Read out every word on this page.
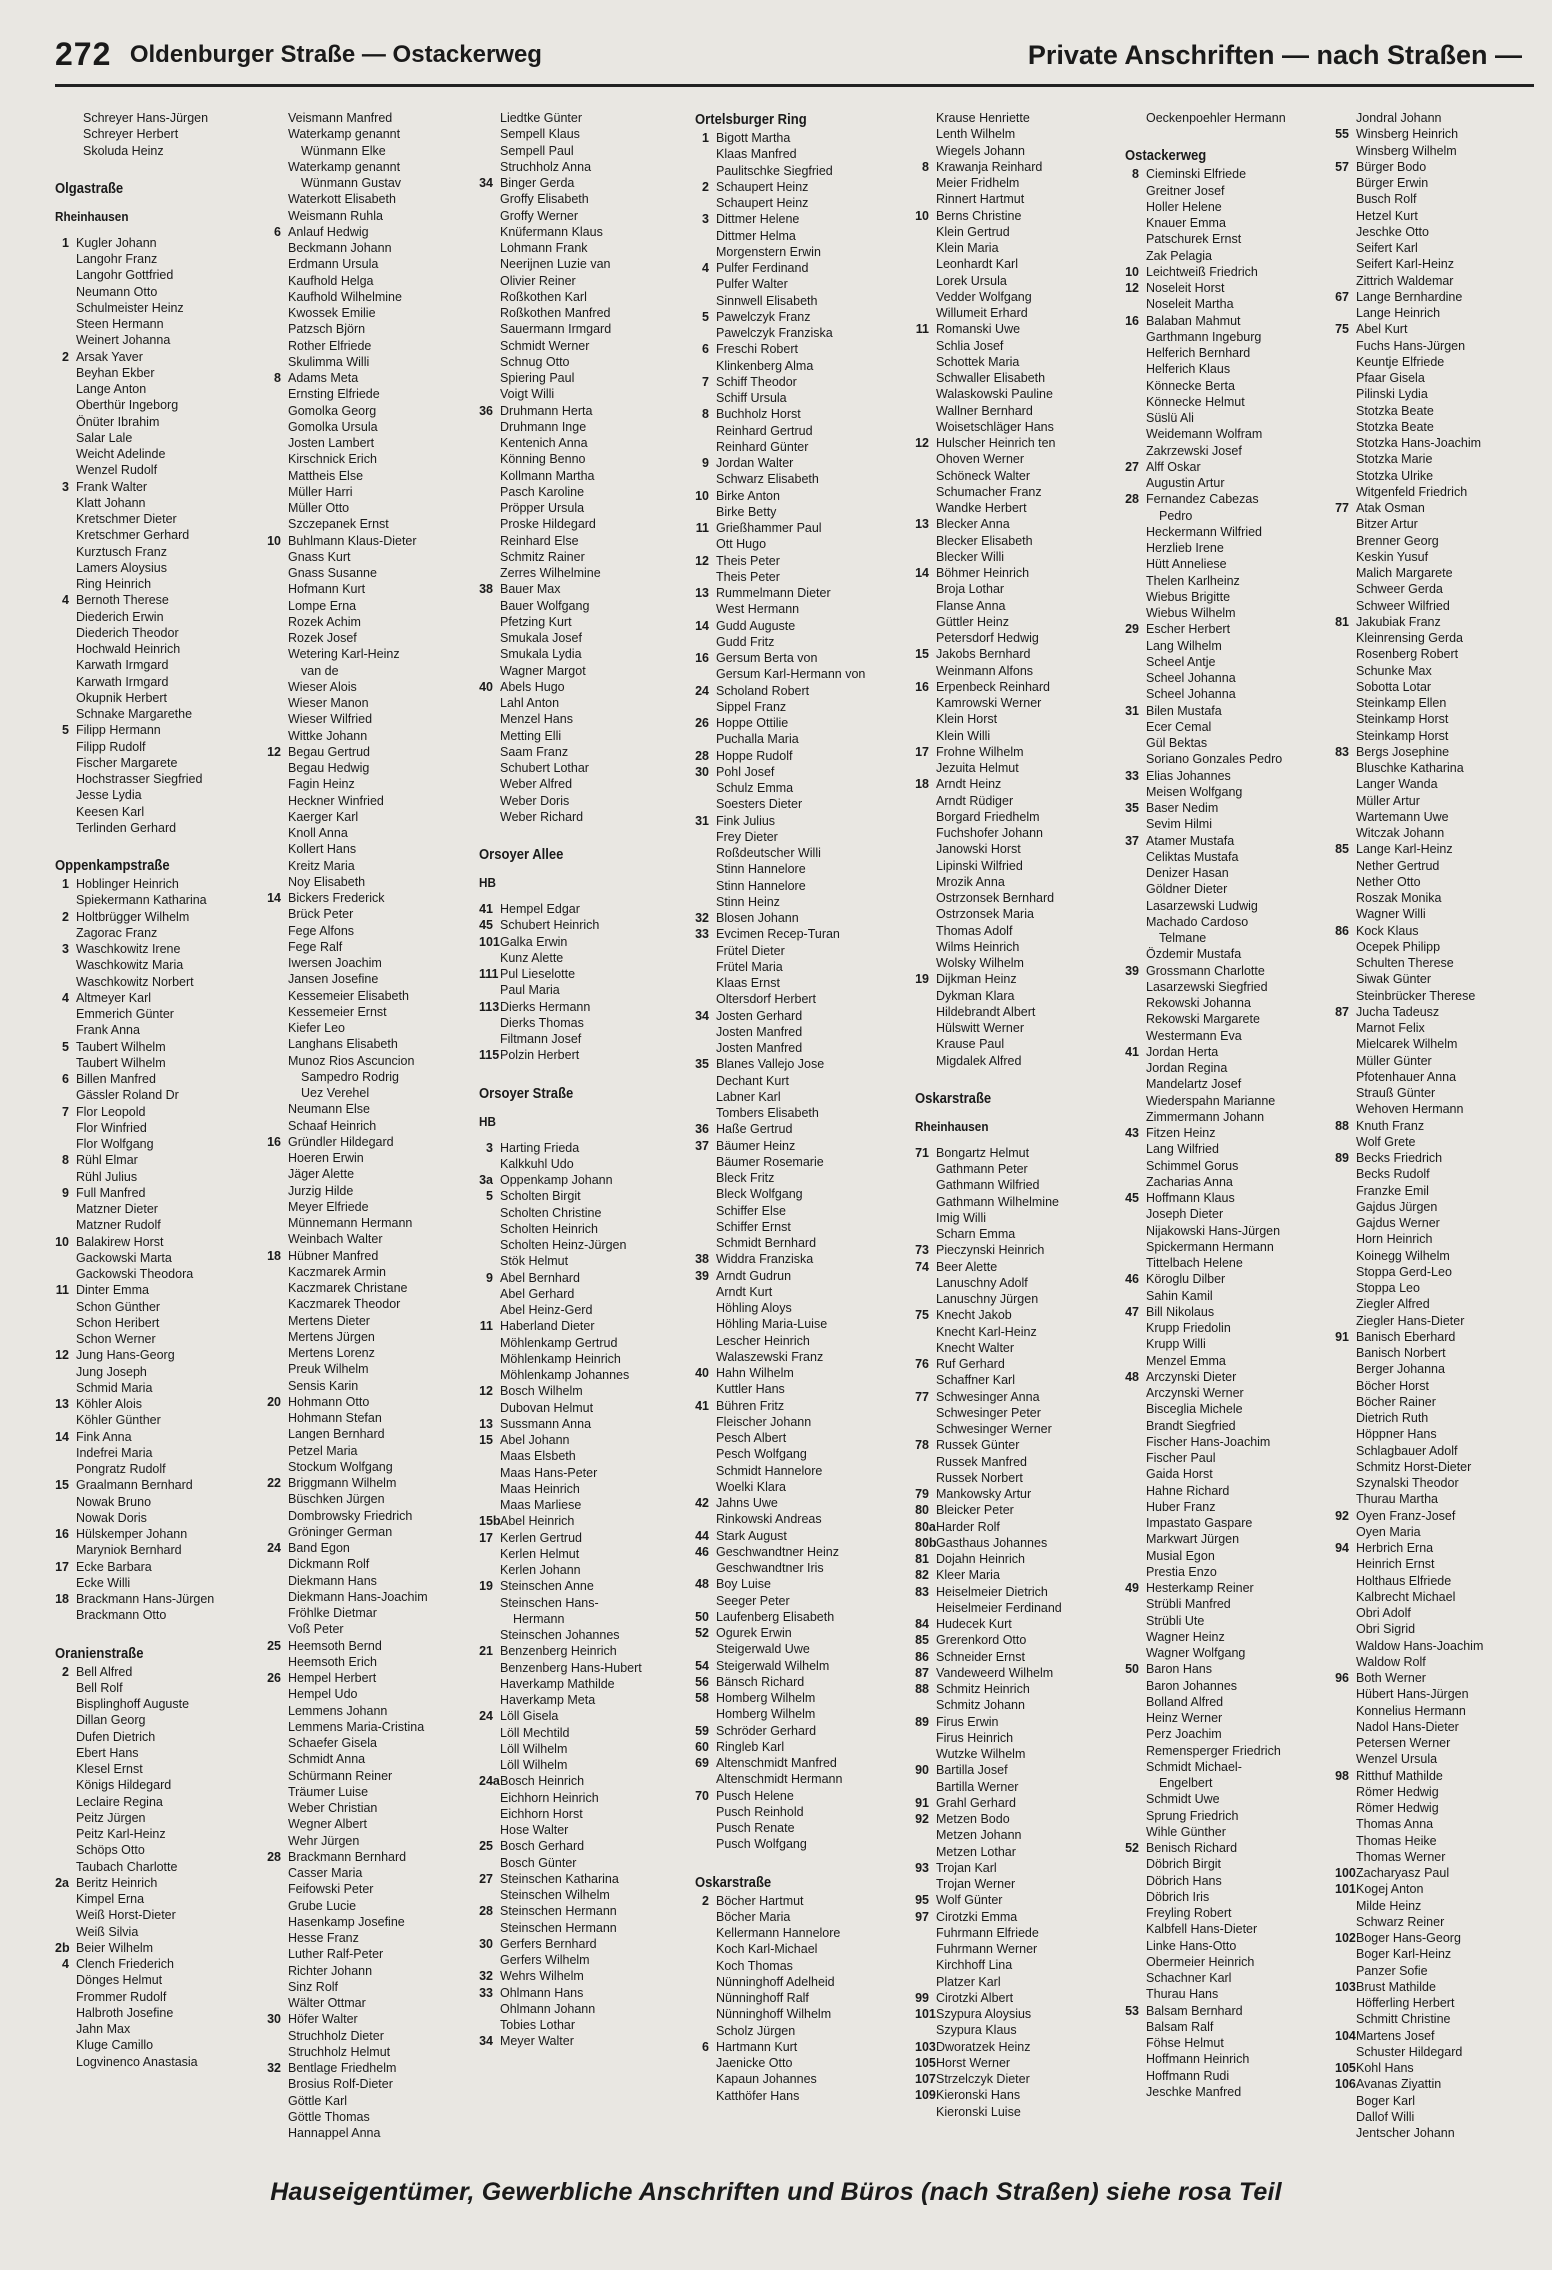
272 Oldenburger Straße — Ostackerweg	Private Anschriften — nach Straßen —
Schreyer Hans-Jürgen
Schreyer Herbert
Skoluda Heinz
Olgastraße
Rheinhausen
1 Kugler Johann
Langohr Franz
Langohr Gottfried
Neumann Otto
Schulmeister Heinz
Steen Hermann
Weinert Johanna
2 Arsak Yaver
Beyhan Ekber
Lange Anton
Oberthür Ingeborg
Önüter Ibrahim
Salar Lale
Weicht Adelinde
Wenzel Rudolf
3 Frank Walter
Klatt Johann
Kretschmer Dieter
Kretschmer Gerhard
Kurztusch Franz
Lamers Aloysius
Ring Heinrich
4 Bernoth Therese
Diederich Erwin
Diederich Theodor
Hochwald Heinrich
Karwath Irmgard
Karwath Irmgard
Okupnik Herbert
Schnake Margarethe
5 Filipp Hermann
Filipp Rudolf
Fischer Margarete
Hochstrasser Siegfried
Jesse Lydia
Keesen Karl
Terlinden Gerhard
Oppenkampstraße
1 Hoblinger Heinrich
Spiekermann Katharina
2 Holtbrügger Wilhelm
Zagorac Franz
3 Waschkowitz Irene
Waschkowitz Maria
Waschkowitz Norbert
4 Altmeyer Karl
Emmerich Günter
Frank Anna
5 Taubert Wilhelm
Taubert Wilhelm
6 Billen Manfred
Gässler Roland Dr
7 Flor Leopold
Flor Winfried
Flor Wolfgang
8 Rühl Elmar
Rühl Julius
9 Full Manfred
Matzner Dieter
Matzner Rudolf
10 Balakirew Horst
Gackowski Marta
Gackowski Theodora
11 Dinter Emma
Schon Günther
Schon Heribert
Schon Werner
12 Jung Hans-Georg
Jung Joseph
Schmid Maria
13 Köhler Alois
Köhler Günther
14 Fink Anna
Indefrei Maria
Pongratz Rudolf
15 Graalmann Bernhard
Nowak Bruno
Nowak Doris
16 Hülskemper Johann
Maryniok Bernhard
17 Ecke Barbara
Ecke Willi
18 Brackmann Hans-Jürgen
Brackmann Otto
Oranienstraße
2 Bell Alfred
Bell Rolf
Bisplinghoff Auguste
Dillan Georg
Dufen Dietrich
Ebert Hans
Klesel Ernst
Königs Hildegard
Leclaire Regina
Peitz Jürgen
Peitz Karl-Heinz
Schöps Otto
Taubach Charlotte
2a Beritz Heinrich
Kimpel Erna
Weiß Horst-Dieter
Weiß Silvia
2b Beier Wilhelm
4 Clench Friederich
Dönges Helmut
Frommer Rudolf
Halbroth Josefine
Jahn Max
Kluge Camillo
Logvinenco Anastasia
Veismann Manfred
Waterkamp genannt
Wünmann Elke
Waterkamp genannt
Wünmann Gustav
Waterkott Elisabeth
Weismann Ruhla
6 Anlauf Hedwig
Beckmann Johann
Erdmann Ursula
Kaufhold Helga
Kaufhold Wilhelmine
Kwossek Emilie
Patzsch Björn
Rother Elfriede
Skulimma Willi
8 Adams Meta
Ernsting Elfriede
Gomolka Georg
Gomolka Ursula
Josten Lambert
Kirschnick Erich
Mattheis Else
Müller Harri
Müller Otto
Szczepanek Ernst
10 Buhlmann Klaus-Dieter
Gnass Kurt
Gnass Susanne
Hofmann Kurt
Lompe Erna
Rozek Achim
Rozek Josef
Wetering Karl-Heinz
van de
Wieser Alois
Wieser Manon
Wieser Wilfried
Wittke Johann
12 Begau Gertrud
Begau Hedwig
Fagin Heinz
Heckner Winfried
Kaerger Karl
Knoll Anna
Kollert Hans
Kreitz Maria
Noy Elisabeth
14 Bickers Frederick
Brück Peter
Fege Alfons
Fege Ralf
Iwersen Joachim
Jansen Josefine
Kessemeier Elisabeth
Kessemeier Ernst
Kiefer Leo
Langhans Elisabeth
Munoz Rios Ascuncion
Sampedro Rodrig
Uez Verehel
Neumann Else
Schaaf Heinrich
16 Gründler Hildegard
Hoeren Erwin
Jäger Alette
Jurzig Hilde
Meyer Elfriede
Münnemann Hermann
Weinbach Walter
18 Hübner Manfred
Kaczmarek Armin
Kaczmarek Christane
Kaczmarek Theodor
Mertens Dieter
Mertens Jürgen
Mertens Lorenz
Preuk Wilhelm
Sensis Karin
20 Hohmann Otto
Hohmann Stefan
Langen Bernhard
Petzel Maria
Stockum Wolfgang
22 Briggmann Wilhelm
Büschken Jürgen
Dombrowsky Friedrich
Gröninger German
24 Band Egon
Dickmann Rolf
Diekmann Hans
Diekmann Hans-Joachim
Fröhlke Dietmar
Voß Peter
25 Heemsoth Bernd
Heemsoth Erich
26 Hempel Herbert
Hempel Udo
Lemmens Johann
Lemmens Maria-Cristina
Schaefer Gisela
Schmidt Anna
Schürmann Reiner
Träumer Luise
Weber Christian
Wegner Albert
Wehr Jürgen
28 Brackmann Bernhard
Casser Maria
Feifowski Peter
Grube Lucie
Hasenkamp Josefine
Hesse Franz
Luther Ralf-Peter
Richter Johann
Sinz Rolf
Wälter Ottmar
30 Höfer Walter
Struchholz Dieter
Struchholz Helmut
32 Bentlage Friedhelm
Brosius Rolf-Dieter
Göttle Karl
Göttle Thomas
Hannappel Anna
Liedtke Günter
Sempell Klaus
Sempell Paul
Struchholz Anna
34 Binger Gerda
Groffy Elisabeth
Groffy Werner
Knüfermann Klaus
Lohmann Frank
Neerijnen Luzie van
Olivier Reiner
Roßkothen Karl
Roßkothen Manfred
Sauermann Irmgard
Schmidt Werner
Schnug Otto
Spiering Paul
Voigt Willi
36 Druhmann Herta
Druhmann Inge
Kentenich Anna
Könning Benno
Kollmann Martha
Pasch Karoline
Pröpper Ursula
Proske Hildegard
Reinhard Else
Schmitz Rainer
Zerres Wilhelmine
38 Bauer Max
Bauer Wolfgang
Pfetzing Kurt
Smukala Josef
Smukala Lydia
Wagner Margot
40 Abels Hugo
Lahl Anton
Menzel Hans
Metting Elli
Saam Franz
Schubert Lothar
Weber Alfred
Weber Doris
Weber Richard
Orsoyer Allee
HB
41 Hempel Edgar
45 Schubert Heinrich
101 Galka Erwin
Kunz Alette
111 Pul Lieselotte
Paul Maria
113 Dierks Hermann
Dierks Thomas
Filtmann Josef
115 Polzin Herbert
Orsoyer Straße
HB
3 Harting Frieda
Kalkkuhl Udo
3a Oppenkamp Johann
5 Scholten Birgit
Scholten Christine
Scholten Heinrich
Scholten Heinz-Jürgen
Stök Helmut
9 Abel Bernhard
Abel Gerhard
Abel Heinz-Gerd
11 Haberland Dieter
Möhlenkamp Gertrud
Möhlenkamp Heinrich
Möhlenkamp Johannes
12 Bosch Wilhelm
Dubovan Helmut
13 Sussmann Anna
15 Abel Johann
Maas Elsbeth
Maas Hans-Peter
Maas Heinrich
Maas Marliese
15b Abel Heinrich
17 Kerlen Gertrud
Kerlen Helmut
Kerlen Johann
19 Steinschen Anne
Steinschen Hans-
Hermann
Steinschen Johannes
21 Benzenberg Heinrich
Benzenberg Hans-Hubert
Haverkamp Mathilde
Haverkamp Meta
24 Löll Gisela
Löll Mechtild
Löll Wilhelm
Löll Wilhelm
24a Bosch Heinrich
Eichhorn Heinrich
Eichhorn Horst
Hose Walter
25 Bosch Gerhard
Bosch Günter
27 Steinschen Katharina
Steinschen Wilhelm
28 Steinschen Hermann
Steinschen Hermann
30 Gerfers Bernhard
Gerfers Wilhelm
32 Wehrs Wilhelm
33 Ohlmann Hans
Ohlmann Johann
Tobies Lothar
34 Meyer Walter
Ortelsburger Ring
1 Bigott Martha
Klaas Manfred
Paulitschke Siegfried
2 Schaupert Heinz
Schaupert Heinz
3 Dittmer Helene
Dittmer Helma
Morgenstern Erwin
4 Pulfer Ferdinand
Pulfer Walter
Sinnwell Elisabeth
5 Pawelczyk Franz
Pawelczyk Franziska
6 Freschi Robert
Klinkenberg Alma
7 Schiff Theodor
Schiff Ursula
8 Buchholz Horst
Reinhard Gertrud
Reinhard Günter
9 Jordan Walter
Schwarz Elisabeth
10 Birke Anton
Birke Betty
11 Grießhammer Paul
Ott Hugo
12 Theis Peter
Theis Peter
13 Rummelmann Dieter
West Hermann
14 Gudd Auguste
Gudd Fritz
16 Gersum Berta von
Gersum Karl-Hermann von
24 Scholand Robert
Sippel Franz
26 Hoppe Ottilie
Puchalla Maria
28 Hoppe Rudolf
30 Pohl Josef
Schulz Emma
Soesters Dieter
31 Fink Julius
Frey Dieter
Roßdeutscher Willi
Stinn Hannelore
Stinn Hannelore
Stinn Heinz
32 Blosen Johann
33 Evcimen Recep-Turan
Frütel Dieter
Frütel Maria
Klaas Ernst
Oltersdorf Herbert
34 Josten Gerhard
Josten Manfred
Josten Manfred
35 Blanes Vallejo Jose
Dechant Kurt
Labner Karl
Tombers Elisabeth
36 Haße Gertrud
37 Bäumer Heinz
Bäumer Rosemarie
Bleck Fritz
Bleck Wolfgang
Schiffer Else
Schiffer Ernst
Schmidt Bernhard
38 Widdra Franziska
39 Arndt Gudrun
Arndt Kurt
Höhling Aloys
Höhling Maria-Luise
Lescher Heinrich
Walaszewski Franz
40 Hahn Wilhelm
Kuttler Hans
41 Bühren Fritz
Fleischer Johann
Pesch Albert
Pesch Wolfgang
Schmidt Hannelore
Woelki Klara
42 Jahns Uwe
Rinkowski Andreas
44 Stark August
46 Geschwandtner Heinz
Geschwandtner Iris
48 Boy Luise
Seeger Peter
50 Laufenberg Elisabeth
52 Ogurek Erwin
Steigerwald Uwe
54 Steigerwald Wilhelm
56 Bänsch Richard
58 Homberg Wilhelm
Homberg Wilhelm
59 Schröder Gerhard
60 Ringleb Karl
69 Altenschmidt Manfred
Altenschmidt Hermann
70 Pusch Helene
Pusch Reinhold
Pusch Renate
Pusch Wolfgang
Oskarstraße
2 Böcher Hartmut
Böcher Maria
Kellermann Hannelore
Koch Karl-Michael
Koch Thomas
Nünninghoff Adelheid
Nünninghoff Ralf
Nünninghoff Wilhelm
Scholz Jürgen
6 Hartmann Kurt
Jaenicke Otto
Kapaun Johannes
Katthöfer Hans
Krause Henriette
Lenth Wilhelm
Wiegels Johann
8 Krawanja Reinhard
Meier Fridhelm
Rinnert Hartmut
10 Berns Christine
Klein Gertrud
Klein Maria
Leonhardt Karl
Lorek Ursula
Vedder Wolfgang
Willumeit Erhard
11 Romanski Uwe
Schlia Josef
Schottek Maria
Schwaller Elisabeth
Walaskowski Pauline
Wallner Bernhard
Woisetschläger Hans
12 Hulscher Heinrich ten
Ohoven Werner
Schöneck Walter
Schumacher Franz
Wandke Herbert
13 Blecker Anna
Blecker Elisabeth
Blecker Willi
14 Böhmer Heinrich
Broja Lothar
Flanse Anna
Güttler Heinz
Petersdorf Hedwig
15 Jakobs Bernhard
Weinmann Alfons
16 Erpenbeck Reinhard
Kamrowski Werner
Klein Horst
Klein Willi
17 Frohne Wilhelm
Jezuita Helmut
18 Arndt Heinz
Arndt Rüdiger
Borgard Friedhelm
Fuchshofer Johann
Janowski Horst
Lipinski Wilfried
Mrozik Anna
Ostrzonsek Bernhard
Ostrzonsek Maria
Thomas Adolf
Wilms Heinrich
Wolsky Wilhelm
19 Dijkman Heinz
Dykman Klara
Hildebrandt Albert
Hülswitt Werner
Krause Paul
Migdalek Alfred
Oskarstraße
Rheinhausen
71 Bongartz Helmut
Gathmann Peter
Gathmann Wilfried
Gathmann Wilhelmine
Imig Willi
Scharn Emma
73 Pieczynski Heinrich
74 Beer Alette
Lanuschny Adolf
Lanuschny Jürgen
75 Knecht Jakob
Knecht Karl-Heinz
Knecht Walter
76 Ruf Gerhard
Schaffner Karl
77 Schwesinger Anna
Schwesinger Peter
Schwesinger Werner
78 Russek Günter
Russek Manfred
Russek Norbert
79 Mankowsky Artur
80 Bleicker Peter
80a Harder Rolf
80b Gasthaus Johannes
81 Dojahn Heinrich
82 Kleer Maria
83 Heiselmeier Dietrich
Heiselmeier Ferdinand
84 Hudecek Kurt
85 Grerenkord Otto
86 Schneider Ernst
87 Vandeweerd Wilhelm
88 Schmitz Heinrich
Schmitz Johann
89 Firus Erwin
Firus Heinrich
Wutzke Wilhelm
90 Bartilla Josef
Bartilla Werner
91 Grahl Gerhard
92 Metzen Bodo
Metzen Johann
Metzen Lothar
93 Trojan Karl
Trojan Werner
95 Wolf Günter
97 Cirotzki Emma
Fuhrmann Elfriede
Fuhrmann Werner
Kirchhoff Lina
Platzer Karl
99 Cirotzki Albert
101 Szypura Aloysius
Szypura Klaus
103 Dworatzek Heinz
105 Horst Werner
107 Strzelczyk Dieter
109 Kieronski Hans
Kieronski Luise
Oeckenpoehler Hermann
Ostackerweg
8 Cieminski Elfriede
Greitner Josef
Holler Helene
Knauer Emma
Patschurek Ernst
Zak Pelagia
10 Leichtweiß Friedrich
12 Noseleit Horst
Noseleit Martha
16 Balaban Mahmut
Garthmann Ingeburg
Helferich Bernhard
Helferich Klaus
Könnecke Berta
Könnecke Helmut
Süslü Ali
Weidemann Wolfram
Zakrzewski Josef
27 Alff Oskar
Augustin Artur
28 Fernandez Cabezas
Pedro
Heckermann Wilfried
Herzlieb Irene
Hütt Anneliese
Thelen Karlheinz
Wiebus Brigitte
Wiebus Wilhelm
29 Escher Herbert
Lang Wilhelm
Scheel Antje
Scheel Johanna
Scheel Johanna
31 Bilen Mustafa
Ecer Cemal
Gül Bektas
Soriano Gonzales Pedro
33 Elias Johannes
Meisen Wolfgang
35 Baser Nedim
Sevim Hilmi
37 Atamer Mustafa
Celiktas Mustafa
Denizer Hasan
Göldner Dieter
Lasarzewski Ludwig
Machado Cardoso
Telmane
Özdemir Mustafa
39 Grossmann Charlotte
Lasarzewski Siegfried
Rekowski Johanna
Rekowski Margarete
Westermann Eva
41 Jordan Herta
Jordan Regina
Mandelartz Josef
Wiederspahn Marianne
Zimmermann Johann
43 Fitzen Heinz
Lang Wilfried
Schimmel Gorus
Zacharias Anna
45 Hoffmann Klaus
Joseph Dieter
Nijakowski Hans-Jürgen
Spickermann Hermann
Tittelbach Helene
46 Köroglu Dilber
Sahin Kamil
47 Bill Nikolaus
Krupp Friedolin
Krupp Willi
Menzel Emma
48 Arczynski Dieter
Arczynski Werner
Bisceglia Michele
Brandt Siegfried
Fischer Hans-Joachim
Fischer Paul
Gaida Horst
Hahne Richard
Huber Franz
Impastato Gaspare
Markwart Jürgen
Musial Egon
Prestia Enzo
49 Hesterkamp Reiner
Strübli Manfred
Strübli Ute
Wagner Heinz
Wagner Wolfgang
50 Baron Hans
Baron Johannes
Bolland Alfred
Heinz Werner
Perz Joachim
Remensperger Friedrich
Schmidt Michael-
Engelbert
Schmidt Uwe
Sprung Friedrich
Wihle Günther
52 Benisch Richard
Döbrich Birgit
Döbrich Hans
Döbrich Iris
Freyling Robert
Kalbfell Hans-Dieter
Linke Hans-Otto
Obermeier Heinrich
Schachner Karl
Thurau Hans
53 Balsam Bernhard
Balsam Ralf
Föhse Helmut
Hoffmann Heinrich
Hoffmann Rudi
Jeschke Manfred
Jondral Johann
55 Winsberg Heinrich
Winsberg Wilhelm
57 Bürger Bodo
Bürger Erwin
Busch Rolf
Hetzel Kurt
Jeschke Otto
Seifert Karl
Seifert Karl-Heinz
Zittrich Waldemar
67 Lange Bernhardine
Lange Heinrich
75 Abel Kurt
Fuchs Hans-Jürgen
Keuntje Elfriede
Pfaar Gisela
Pilinski Lydia
Stotzka Beate
Stotzka Beate
Stotzka Hans-Joachim
Stotzka Marie
Stotzka Ulrike
Witgenfeld Friedrich
77 Atak Osman
Bitzer Artur
Brenner Georg
Keskin Yusuf
Malich Margarete
Schweer Gerda
Schweer Wilfried
81 Jakubiak Franz
Kleinrensing Gerda
Rosenberg Robert
Schunke Max
Sobotta Lotar
Steinkamp Ellen
Steinkamp Horst
Steinkamp Horst
83 Bergs Josephine
Bluschke Katharina
Langer Wanda
Müller Artur
Wartemann Uwe
Witczak Johann
85 Lange Karl-Heinz
Nether Gertrud
Nether Otto
Roszak Monika
Wagner Willi
86 Kock Klaus
Ocepek Philipp
Schulten Therese
Siwak Günter
Steinbrücker Therese
87 Jucha Tadeusz
Marnot Felix
Mielcarek Wilhelm
Müller Günter
Pfotenhauer Anna
Strauß Günter
Wehoven Hermann
88 Knuth Franz
Wolf Grete
89 Becks Friedrich
Becks Rudolf
Franzke Emil
Gajdus Jürgen
Gajdus Werner
Horn Heinrich
Koinegg Wilhelm
Stoppa Gerd-Leo
Stoppa Leo
Ziegler Alfred
Ziegler Hans-Dieter
91 Banisch Eberhard
Banisch Norbert
Berger Johanna
Böcher Horst
Böcher Rainer
Dietrich Ruth
Höppner Hans
Schlagbauer Adolf
Schmitz Horst-Dieter
Szynalski Theodor
Thurau Martha
92 Oyen Franz-Josef
Oyen Maria
94 Herbrich Erna
Heinrich Ernst
Holthaus Elfriede
Kalbrecht Michael
Obri Adolf
Obri Sigrid
Waldow Hans-Joachim
Waldow Rolf
96 Both Werner
Hübert Hans-Jürgen
Konnelius Hermann
Nadol Hans-Dieter
Petersen Werner
Wenzel Ursula
98 Ritthuf Mathilde
Römer Hedwig
Römer Hedwig
Thomas Anna
Thomas Heike
Thomas Werner
100 Zacharyasz Paul
101 Kogej Anton
Milde Heinz
Schwarz Reiner
102 Boger Hans-Georg
Boger Karl-Heinz
Panzer Sofie
103 Brust Mathilde
Höfferling Herbert
Schmitt Christine
104 Martens Josef
Schuster Hildegard
105 Kohl Hans
106 Avanas Ziyattin
Boger Karl
Dallof Willi
Jentscher Johann
Hauseigentümer, Gewerbliche Anschriften und Büros (nach Straßen) siehe rosa Teil
